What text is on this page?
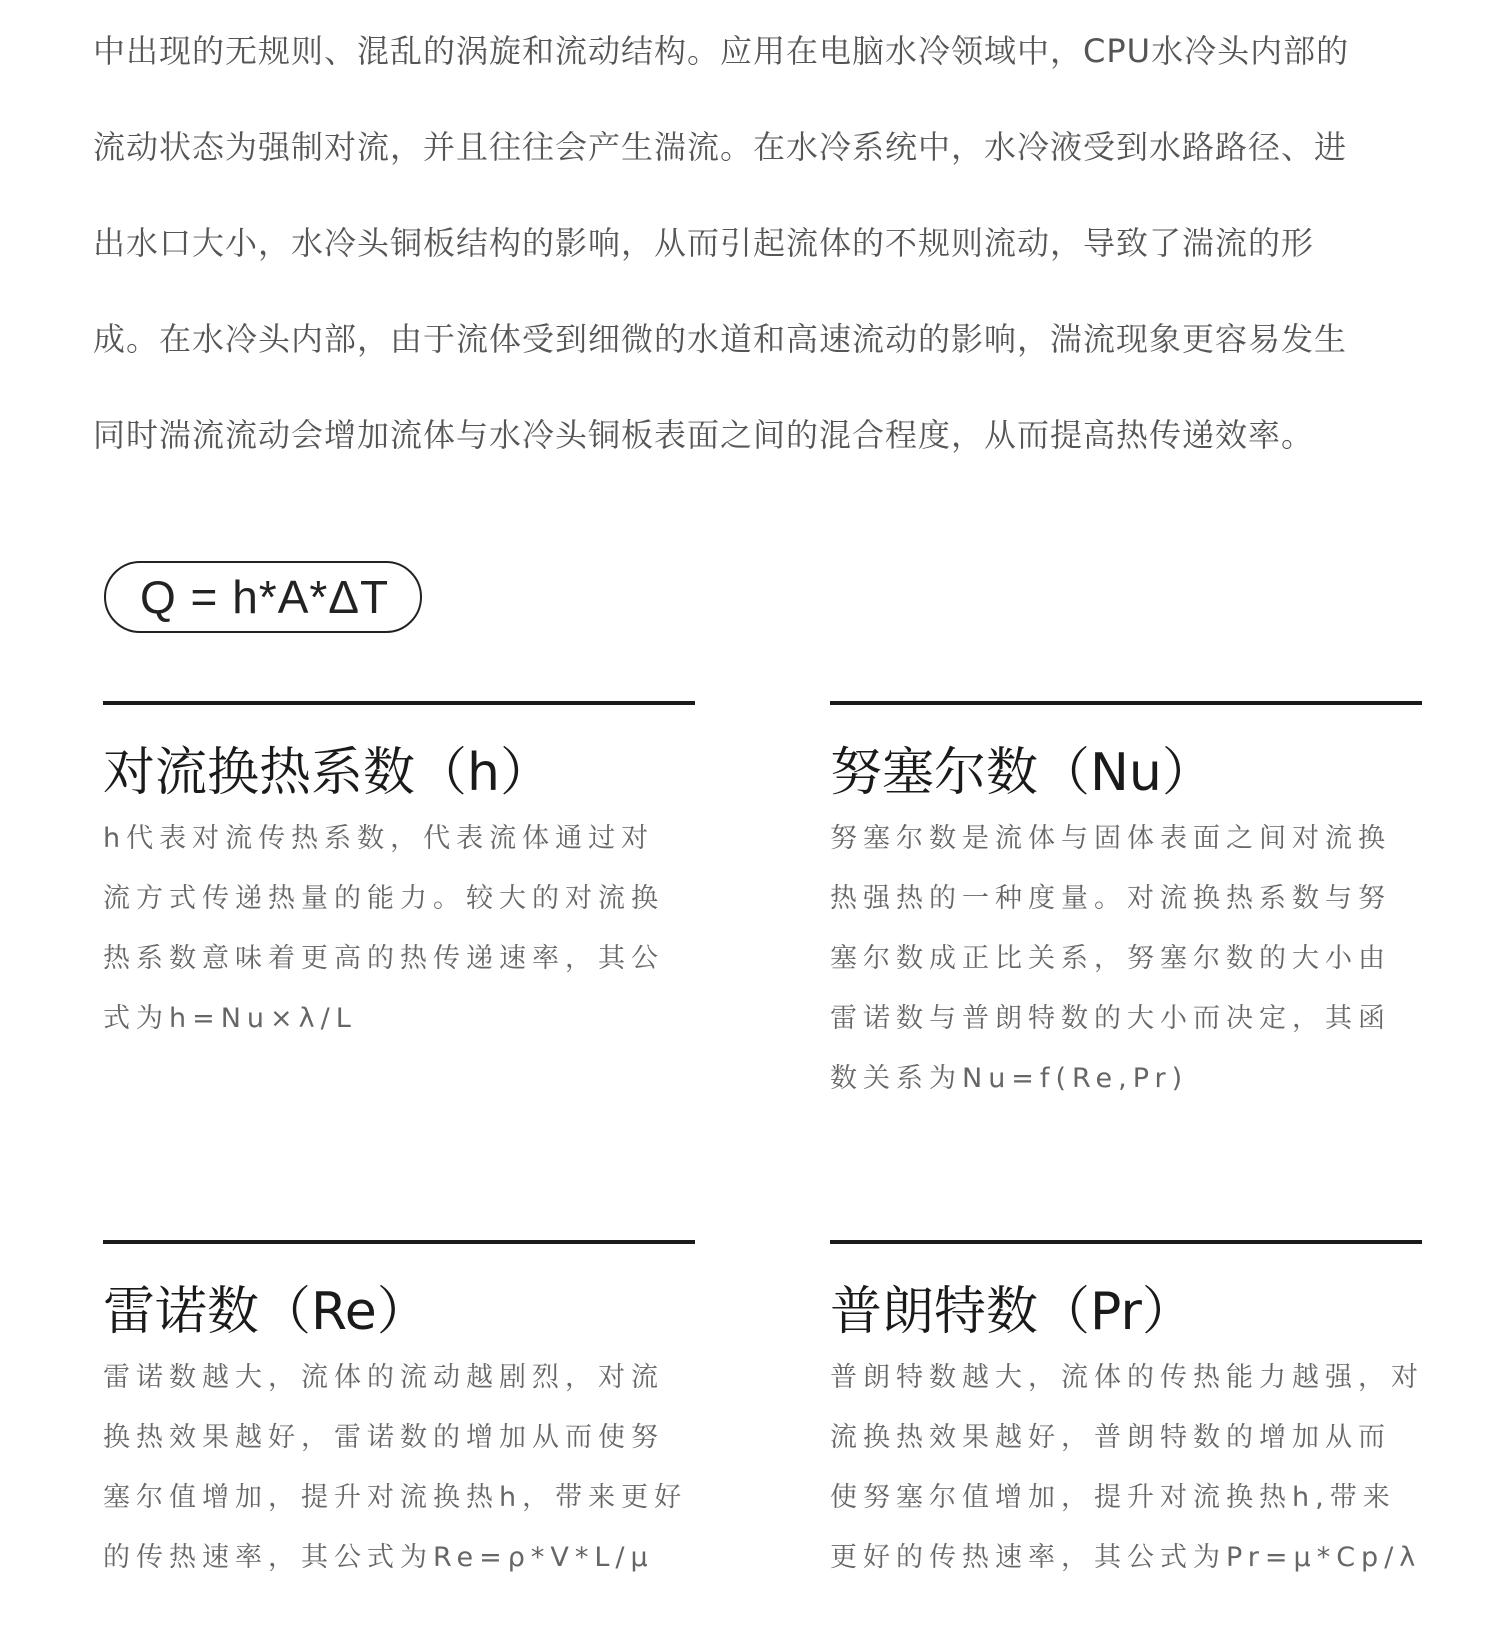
中出现的无规则、混乱的涡旋和流动结构。应用在电脑水冷领域中，CPU水冷头内部的
流动状态为强制对流，并且往往会产生湍流。在水冷系统中，水冷液受到水路路径、进
出水口大小，水冷头铜板结构的影响，从而引起流体的不规则流动，导致了湍流的形
成。在水冷头内部，由于流体受到细微的水道和高速流动的影响，湍流现象更容易发生
同时湍流流动会增加流体与水冷头铜板表面之间的混合程度，从而提高热传递效率。
Q = h*A*ΔT
对流换热系数（h）
h代表对流传热系数，代表流体通过对
流方式传递热量的能力。较大的对流换
热系数意味着更高的热传递速率，其公
式为h=Nu×λ/L
努塞尔数（Nu）
努塞尔数是流体与固体表面之间对流换
热强热的一种度量。对流换热系数与努
塞尔数成正比关系，努塞尔数的大小由
雷诺数与普朗特数的大小而决定，其函
数关系为Nu=f(Re,Pr)
雷诺数（Re）
雷诺数越大，流体的流动越剧烈，对流
换热效果越好，雷诺数的增加从而使努
塞尔值增加，提升对流换热h，带来更好
的传热速率，其公式为Re=ρ*V*L/μ
普朗特数（Pr）
普朗特数越大，流体的传热能力越强，对
流换热效果越好，普朗特数的增加从而
使努塞尔值增加，提升对流换热h,带来
更好的传热速率，其公式为Pr=μ*Cp/λ
